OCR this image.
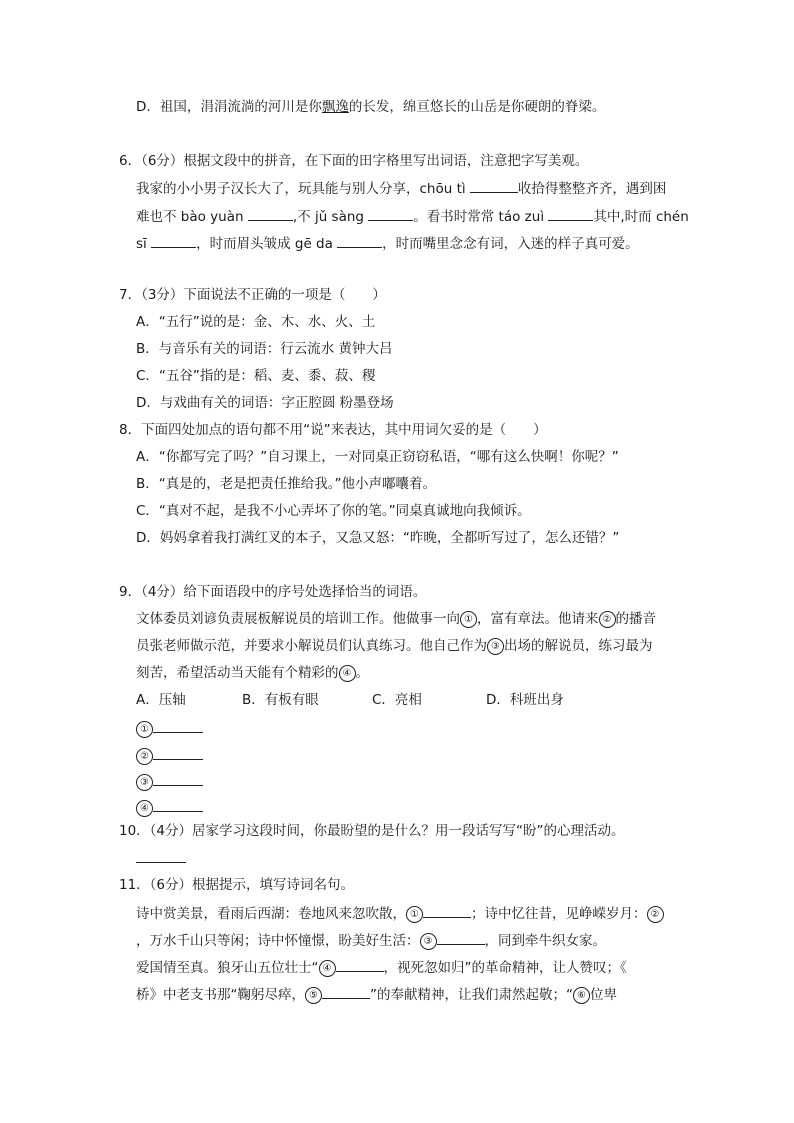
D．祖国，涓涓流淌的河川是你飘逸的长发，绵亘悠长的山岳是你硬朗的脊梁。
6．（6分）根据文段中的拼音，在下面的田字格里写出词语，注意把字写美观。
我家的小小男子汉长大了，玩具能与别人分享，chōu tì	收拾得整整齐齐，遇到困
难也不 bào yuàn	,不 jǔ sàng	。看书时常常 táo zuì	其中,时而 chén
sī	，时而眉头皱成 gē da	，时而嘴里念念有词，入迷的样子真可爱。
7．（3分）下面说法不正确的一项是（　　）
A．“五行”说的是：金、木、水、火、土
B．与音乐有关的词语：行云流水 黄钟大吕
C．“五谷”指的是：稻、麦、黍、菽、稷
D．与戏曲有关的词语：字正腔圆 粉墨登场
8．下面四处加点的语句都不用“说”来表达，其中用词欠妥的是（　　）
A．“你都写完了吗？”自习课上，一对同桌正窃窃私语，“哪有这么快啊！你呢？”
B．“真是的，老是把责任推给我。”他小声嘟囔着。
C．“真对不起，是我不小心弄坏了你的笔。”同桌真诚地向我倾诉。
D．妈妈拿着我打满红叉的本子，又急又怒：“昨晚，全都听写过了，怎么还错？”
9．（4分）给下面语段中的序号处选择恰当的词语。
文体委员刘谚负责展板解说员的培训工作。他做事一向 ① ，富有章法。他请来 ② 的播音
员张老师做示范，并要求小解说员们认真练习。他自己作为 ③ 出场的解说员，练习最为
刻苦，希望活动当天能有个精彩的 ④ 。
A．压轴	B．有板有眼	C．亮相	D．科班出身
①
②
③
④
10．（4分）居家学习这段时间，你最盼望的是什么？用一段话写写“盼”的心理活动。
11．（6分）根据提示，填写诗词名句。
诗中赏美景，看雨后西湖：卷地风来忽吹散， ①	；诗中忆往昔，见峥嵘岁月： ②
，万水千山只等闲；诗中怀憧憬，盼美好生活： ③	，同到牵牛织女家。
爱国情至真。狼牙山五位壮士“ ④	，视死忽如归”的革命精神，让人赞叹；《
桥》中老支书那“鞠躬尽瘁， ⑤	”的奉献精神，让我们肃然起敬；“ ⑥ 位卑
